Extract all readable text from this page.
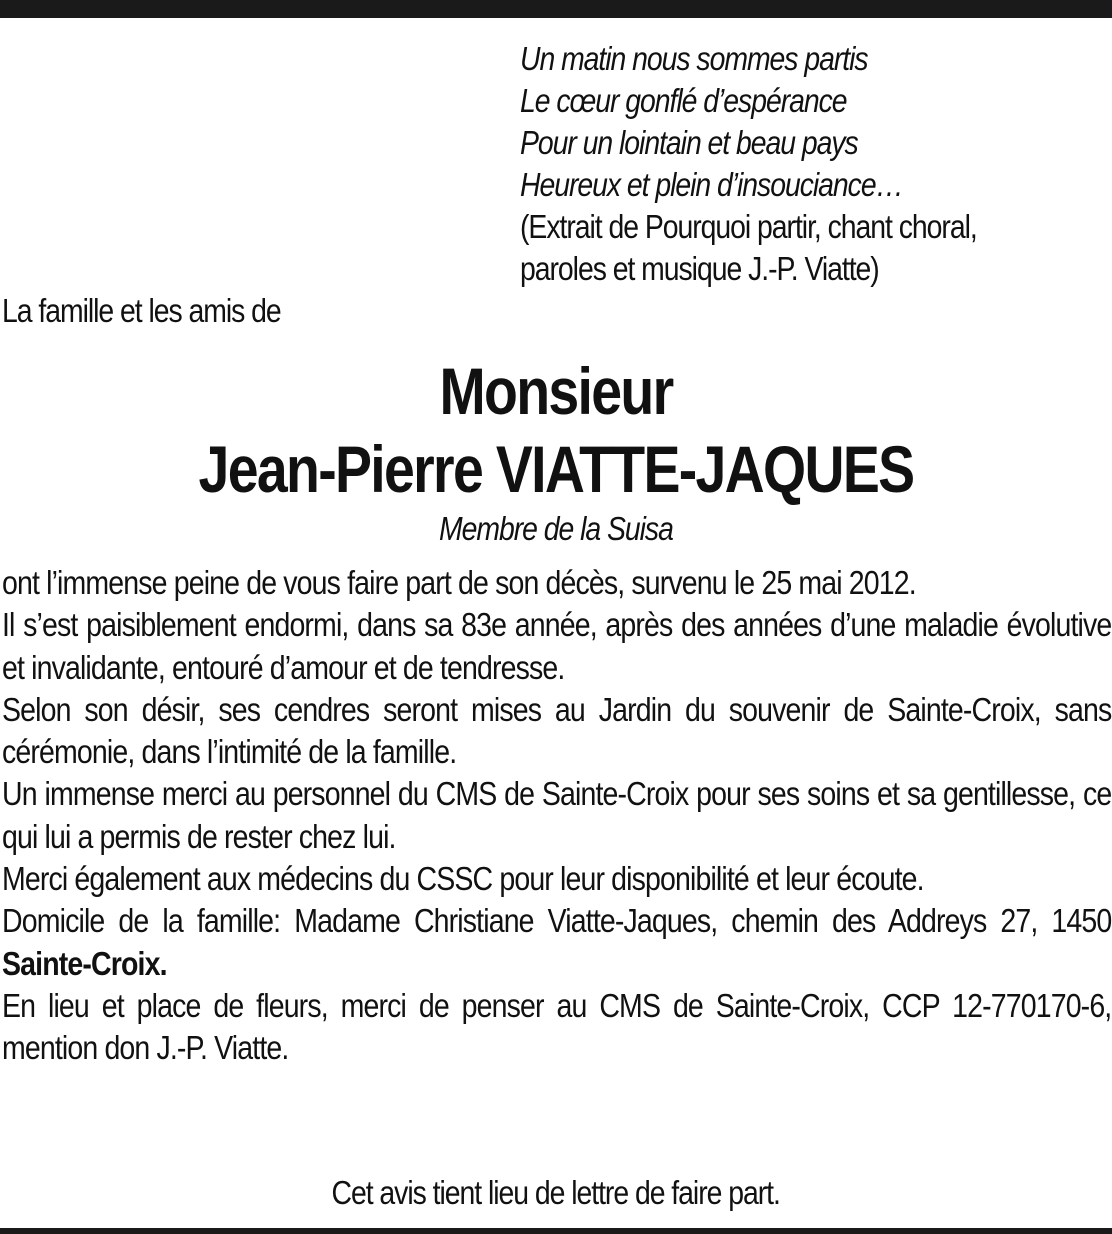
Un matin nous sommes partis
Le cœur gonflé d’espérance
Pour un lointain et beau pays
Heureux et plein d’insouciance…
(Extrait de Pourquoi partir, chant choral,
paroles et musique J.-P. Viatte)
La famille et les amis de
Monsieur
Jean-Pierre VIATTE-JAQUES
Membre de la Suisa
ont l’immense peine de vous faire part de son décès, survenu le 25 mai 2012.
Il s’est paisiblement endormi, dans sa 83e année, après des années d’une maladie évolutive et invalidante, entouré d’amour et de tendresse.
Selon son désir, ses cendres seront mises au Jardin du souvenir de Sainte-Croix, sans cérémonie, dans l’intimité de la famille.
Un immense merci au personnel du CMS de Sainte-Croix pour ses soins et sa gentillesse, ce qui lui a permis de rester chez lui.
Merci également aux médecins du CSSC pour leur disponibilité et leur écoute.
Domicile de la famille: Madame Christiane Viatte-Jaques, chemin des Addreys 27, 1450 Sainte-Croix.
En lieu et place de fleurs, merci de penser au CMS de Sainte-Croix, CCP 12-770170-6, mention don J.-P. Viatte.
Cet avis tient lieu de lettre de faire part.
